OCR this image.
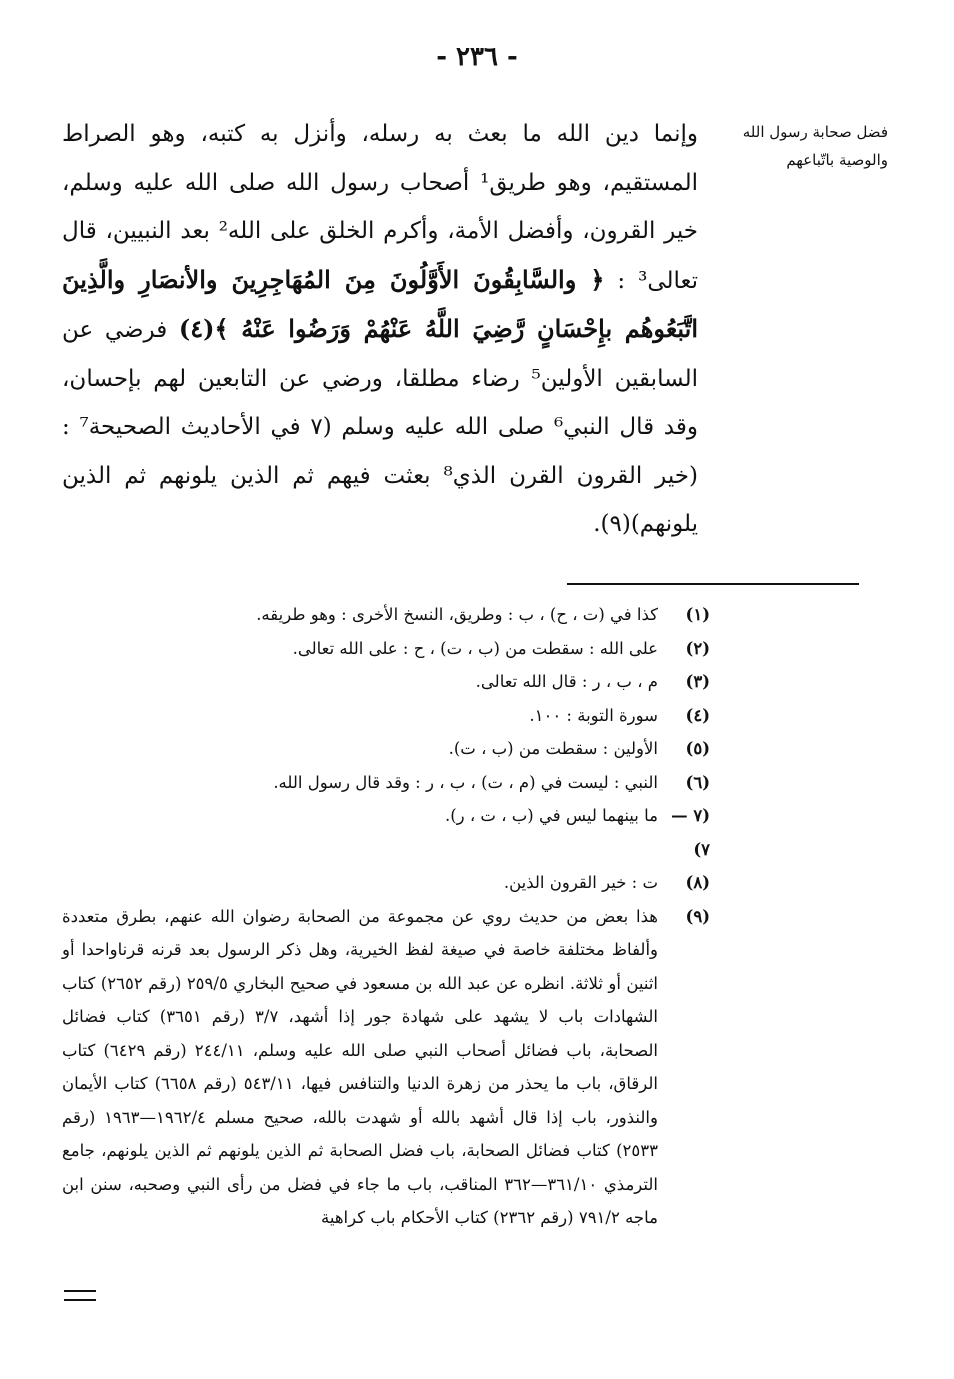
- ٢٣٦ -
فضل صحابة رسول الله والوصية باتّباعهم
وإنما دين الله ما بعث به رسله، وأنزل به كتبه، وهو الصراط المستقيم، وهو طريق¹ أصحاب رسول الله صلى الله عليه وسلم، خير القرون، وأفضل الأمة، وأكرم الخلق على الله² بعد النبيين، قال تعالى³ : ﴿ والسَّابِقُونَ الأَوَّلُونَ مِنَ المُهَاجِرِينَ والأنصَارِ والَّذِينَ اتَّبَعُوهُم بإِحْسَانٍ رَّضِيَ اللَّهُ عَنْهُمْ وَرَضُوا عَنْهُ ﴾(٤) فرضي عن السابقين الأولين⁵ رضاء مطلقا، ورضي عن التابعين لهم بإحسان، وقد قال النبي⁶ صلى الله عليه وسلم (٧ في الأحاديث الصحيحة⁷ : (خير القرون القرن الذي⁸ بعثت فيهم ثم الذين يلونهم ثم الذين يلونهم)(٩).
(١)
كذا في (ت ، ح) ، ب : وطريق، النسخ الأخرى : وهو طريقه.
(٢)
على الله : سقطت من (ب ، ت) ، ح : على الله تعالى.
(٣)
م ، ب ، ر : قال الله تعالى.
(٤)
سورة التوبة : ١٠٠.
(٥)
الأولين : سقطت من (ب ، ت).
(٦)
النبي : ليست في (م ، ت) ، ب ، ر : وقد قال رسول الله.
(٧ — ٧)
ما بينهما ليس في (ب ، ت ، ر).
(٨)
ت : خير القرون الذين.
(٩)
هذا بعض من حديث روي عن مجموعة من الصحابة رضوان الله عنهم، بطرق متعددة وألفاظ مختلفة خاصة في صيغة لفظ الخيرية، وهل ذكر الرسول بعد قرنه قرناواحدا أو اثنين أو ثلاثة. انظره عن عبد الله بن مسعود في صحيح البخاري ٢٥٩/٥ (رقم ٢٦٥٢) كتاب الشهادات باب لا يشهد على شهادة جور إذا أشهد، ٣/٧ (رقم ٣٦٥١) كتاب فضائل الصحابة، باب فضائل أصحاب النبي صلى الله عليه وسلم، ٢٤٤/١١ (رقم ٦٤٢٩) كتاب الرقاق، باب ما يحذر من زهرة الدنيا والتنافس فيها، ٥٤٣/١١ (رقم ٦٦٥٨) كتاب الأيمان والنذور، باب إذا قال أشهد بالله أو شهدت بالله، صحيح مسلم ١٩٦٢/٤—١٩٦٣ (رقم ٢٥٣٣) كتاب فضائل الصحابة، باب فضل الصحابة ثم الذين يلونهم ثم الذين يلونهم، جامع الترمذي ٣٦١/١٠—٣٦٢ المناقب، باب ما جاء في فضل من رأى النبي وصحبه، سنن ابن ماجه ٧٩١/٢ (رقم ٢٣٦٢) كتاب الأحكام باب كراهية
